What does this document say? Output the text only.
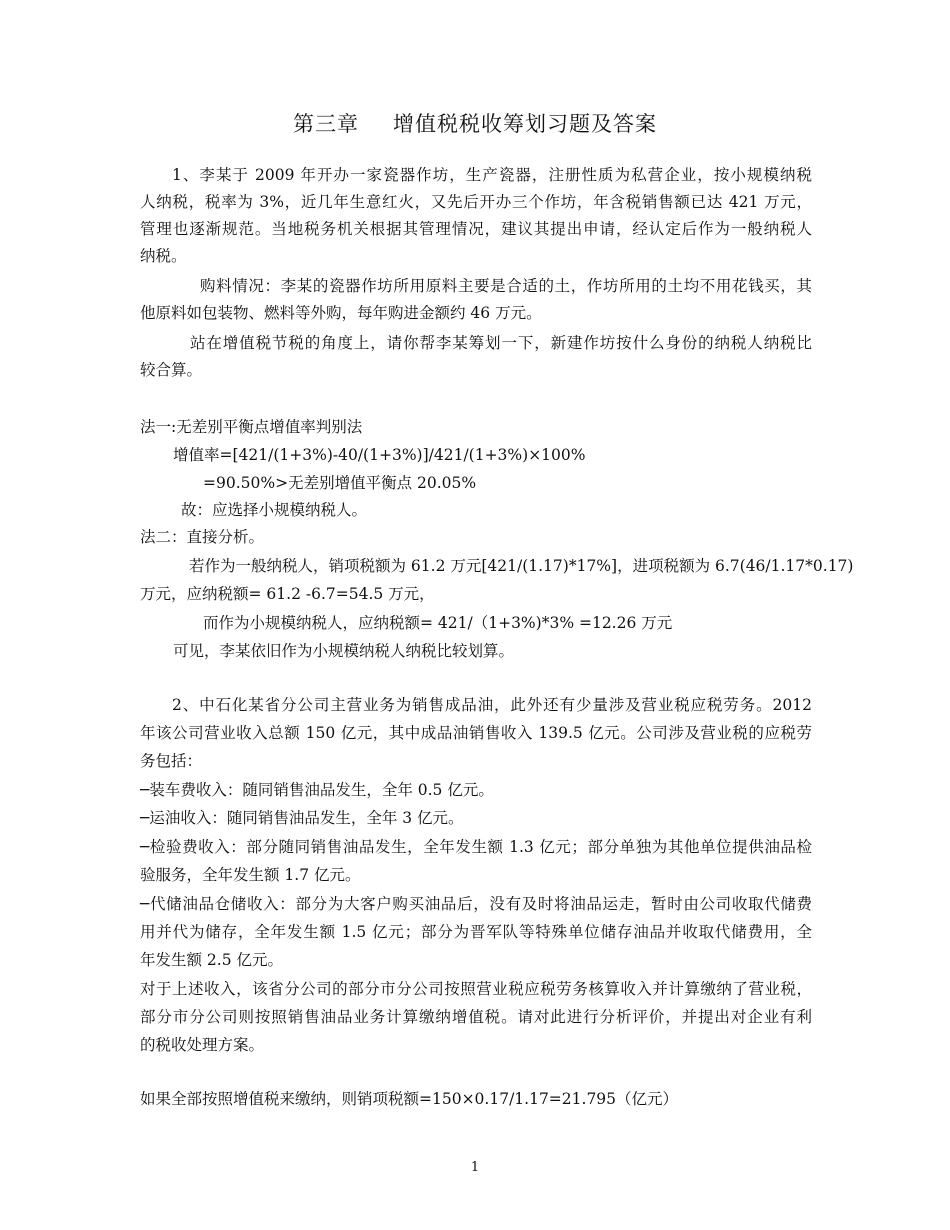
第三章 增值税税收筹划习题及答案
1、李某于 2009 年开办一家瓷器作坊，生产瓷器，注册性质为私营企业，按小规模纳税
人纳税，税率为 3%，近几年生意红火，又先后开办三个作坊，年含税销售额已达 421 万元，
管理也逐渐规范。当地税务机关根据其管理情况，建议其提出申请，经认定后作为一般纳税人
纳税。
购料情况：李某的瓷器作坊所用原料主要是合适的土，作坊所用的土均不用花钱买，其
他原料如包装物、燃料等外购，每年购进金额约 46 万元。
站在增值税节税的角度上，请你帮李某筹划一下，新建作坊按什么身份的纳税人纳税比
较合算。
法一:无差别平衡点增值率判别法
增值率=[421/(1+3%)-40/(1+3%)]/421/(1+3%)×100%
=90.50%>无差别增值平衡点 20.05%
故：应选择小规模纳税人。
法二：直接分析。
若作为一般纳税人，销项税额为 61.2 万元[421/(1.17)*17%]，进项税额为 6.7(46/1.17*0.17)
万元，应纳税额= 61.2 -6.7=54.5 万元，
而作为小规模纳税人，应纳税额= 421/（1+3%)*3% =12.26 万元
可见，李某依旧作为小规模纳税人纳税比较划算。
2、中石化某省分公司主营业务为销售成品油，此外还有少量涉及营业税应税劳务。2012
年该公司营业收入总额 150 亿元，其中成品油销售收入 139.5 亿元。公司涉及营业税的应税劳
务包括：
─装车费收入：随同销售油品发生，全年 0.5 亿元。
─运油收入：随同销售油品发生，全年 3 亿元。
─检验费收入：部分随同销售油品发生，全年发生额 1.3 亿元；部分单独为其他单位提供油品检
验服务，全年发生额 1.7 亿元。
─代储油品仓储收入：部分为大客户购买油品后，没有及时将油品运走，暂时由公司收取代储费
用并代为储存，全年发生额 1.5 亿元；部分为晋军队等特殊单位储存油品并收取代储费用，全
年发生额 2.5 亿元。
对于上述收入，该省分公司的部分市分公司按照营业税应税劳务核算收入并计算缴纳了营业税，
部分市分公司则按照销售油品业务计算缴纳增值税。请对此进行分析评价，并提出对企业有利
的税收处理方案。
如果全部按照增值税来缴纳，则销项税额=150×0.17/1.17=21.795（亿元）
1
